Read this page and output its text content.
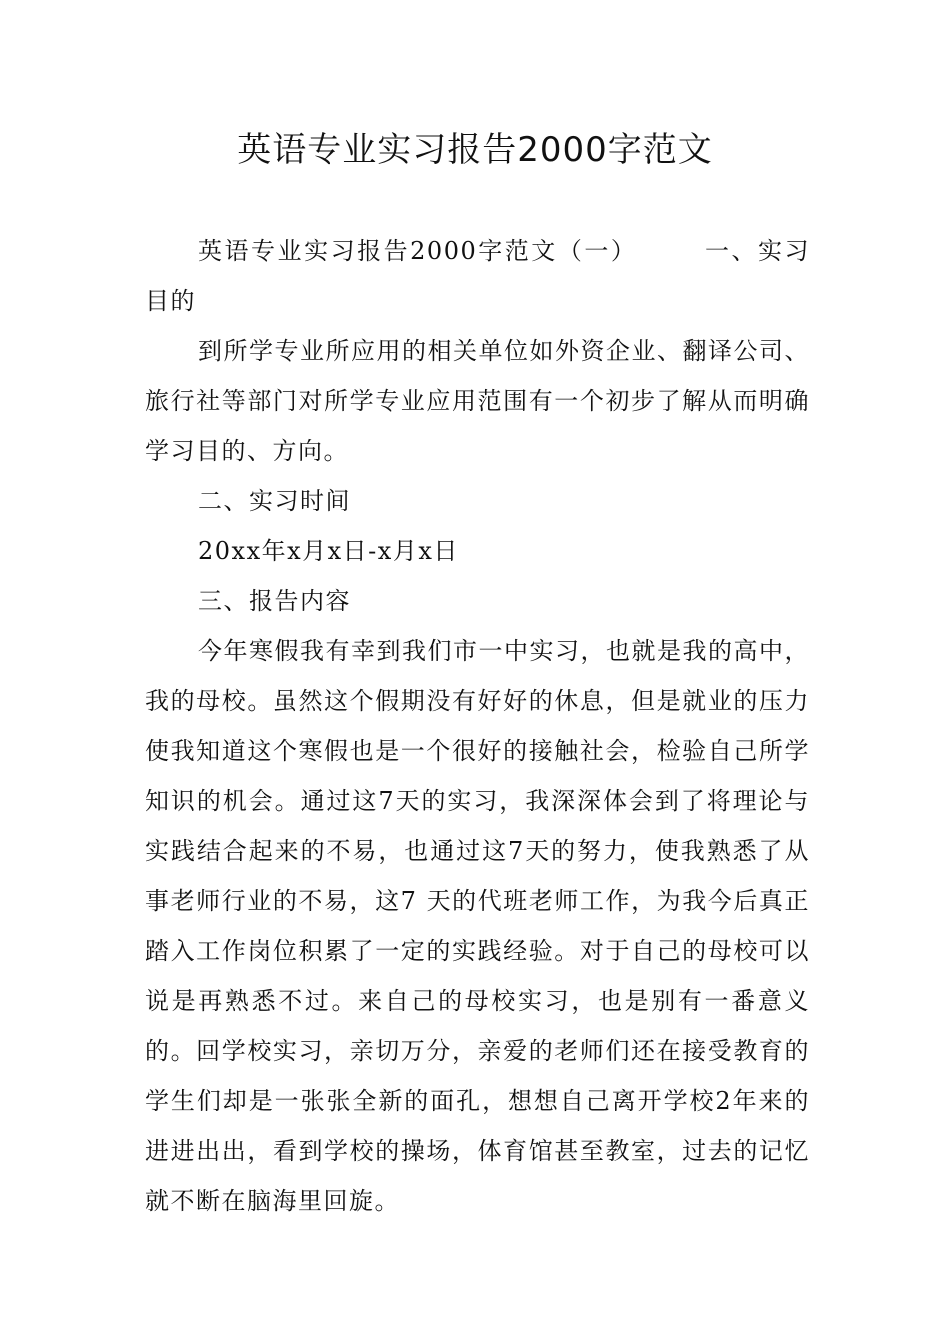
英语专业实习报告2000字范文

英语专业实习报告2000字范文（一）　　　一、实习目的

到所学专业所应用的相关单位如外资企业、翻译公司、旅行社等部门对所学专业应用范围有一个初步了解从而明确学习目的、方向。

二、实习时间

20xx年x月x日-x月x日

三、报告内容

今年寒假我有幸到我们市一中实习，也就是我的高中，我的母校。虽然这个假期没有好好的休息，但是就业的压力使我知道这个寒假也是一个很好的接触社会，检验自己所学知识的机会。通过这7天的实习，我深深体会到了将理论与实践结合起来的不易，也通过这7天的努力，使我熟悉了从事老师行业的不易，这7 天的代班老师工作，为我今后真正踏入工作岗位积累了一定的实践经验。对于自己的母校可以说是再熟悉不过。来自己的母校实习，也是别有一番意义的。回学校实习，亲切万分，亲爱的老师们还在接受教育的学生们却是一张张全新的面孔，想想自己离开学校2年来的进进出出，看到学校的操场，体育馆甚至教室，过去的记忆就不断在脑海里回旋。
